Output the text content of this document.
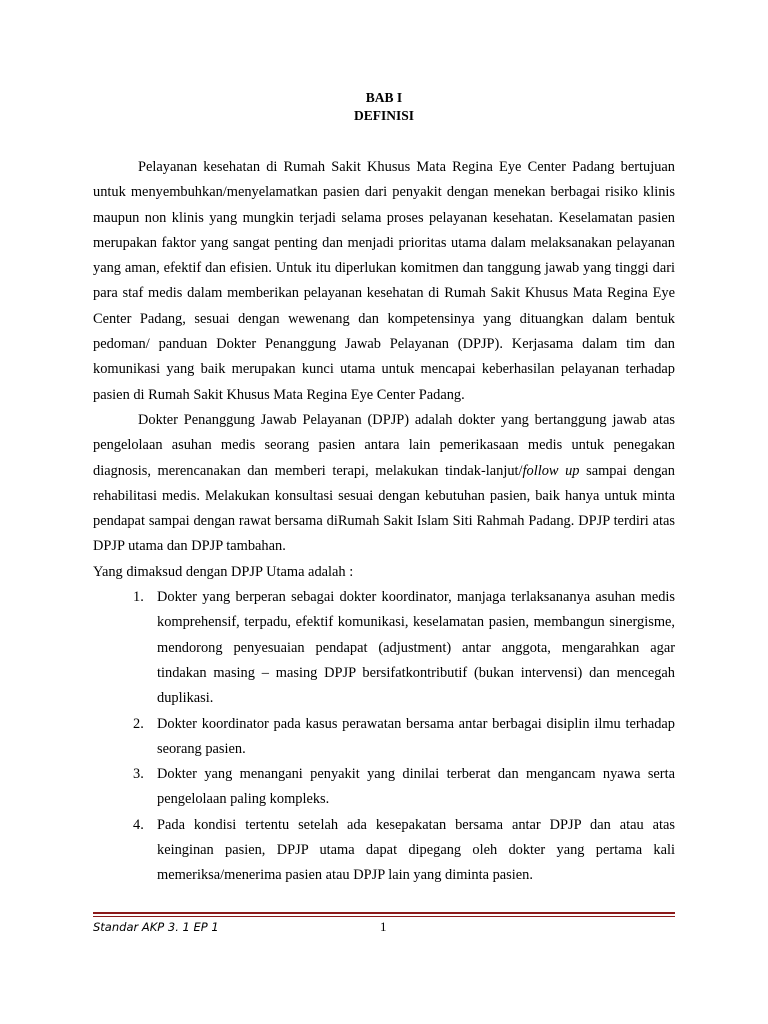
BAB I
DEFINISI

Pelayanan kesehatan di Rumah Sakit Khusus Mata Regina Eye Center Padang bertujuan untuk menyembuhkan/menyelamatkan pasien dari penyakit dengan menekan berbagai risiko klinis maupun non klinis yang mungkin terjadi selama proses pelayanan kesehatan. Keselamatan pasien merupakan faktor yang sangat penting dan menjadi prioritas utama dalam melaksanakan pelayanan yang aman, efektif dan efisien. Untuk itu diperlukan komitmen dan tanggung jawab yang tinggi dari para staf medis dalam memberikan pelayanan kesehatan di Rumah Sakit Khusus Mata Regina Eye Center Padang, sesuai dengan wewenang dan kompetensinya yang dituangkan dalam bentuk pedoman/ panduan Dokter Penanggung Jawab Pelayanan (DPJP). Kerjasama dalam tim dan komunikasi yang baik merupakan kunci utama untuk mencapai keberhasilan pelayanan terhadap pasien di Rumah Sakit Khusus Mata Regina Eye Center Padang.

Dokter Penanggung Jawab Pelayanan (DPJP) adalah dokter yang bertanggung jawab atas pengelolaan asuhan medis seorang pasien antara lain pemerikasaan medis untuk penegakan diagnosis, merencanakan dan memberi terapi, melakukan tindak-lanjut/follow up sampai dengan rehabilitasi medis. Melakukan konsultasi sesuai dengan kebutuhan pasien, baik hanya untuk minta pendapat sampai dengan rawat bersama diRumah Sakit Islam Siti Rahmah Padang. DPJP terdiri atas DPJP utama dan DPJP tambahan.

Yang dimaksud dengan DPJP Utama adalah :

1. Dokter yang berperan sebagai dokter koordinator, manjaga terlaksananya asuhan medis komprehensif, terpadu, efektif komunikasi, keselamatan pasien, membangun sinergisme, mendorong penyesuaian pendapat (adjustment) antar anggota, mengarahkan agar tindakan masing – masing DPJP bersifatkontributif (bukan intervensi) dan mencegah duplikasi.
2. Dokter koordinator pada kasus perawatan bersama antar berbagai disiplin ilmu terhadap seorang pasien.
3. Dokter yang menangani penyakit yang dinilai terberat dan mengancam nyawa serta pengelolaan paling kompleks.
4. Pada kondisi tertentu setelah ada kesepakatan bersama antar DPJP dan atau atas keinginan pasien, DPJP utama dapat dipegang oleh dokter yang pertama kali memeriksa/menerima pasien atau DPJP lain yang diminta pasien.
Standar AKP 3. 1 EP 1	1
